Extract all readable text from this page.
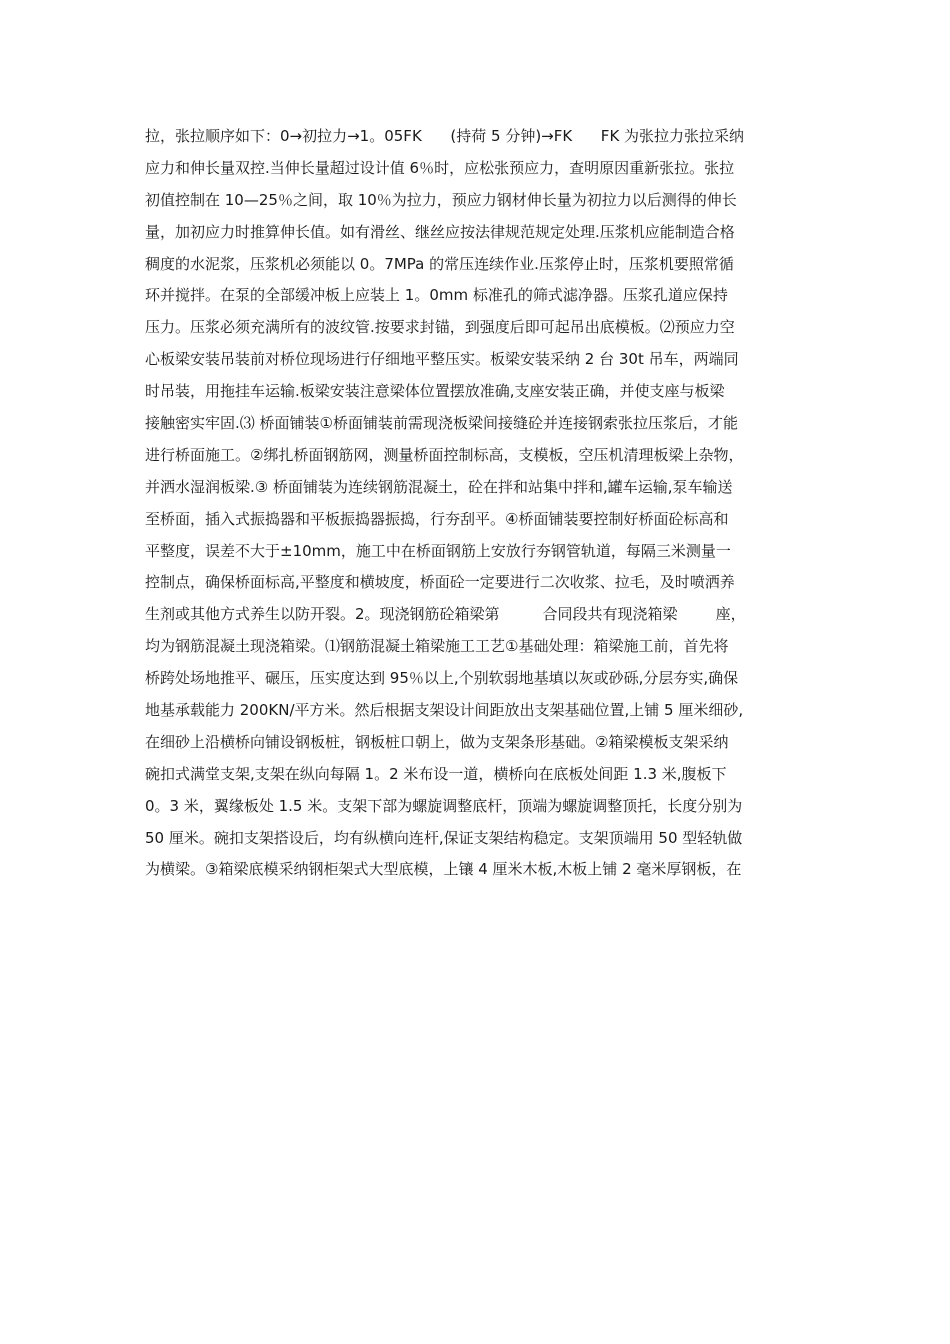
拉，张拉顺序如下：0→初拉力→1。05FK      (持荷 5 分钟)→FK      FK 为张拉力张拉采纳
应力和伸长量双控.当伸长量超过设计值 6％时，应松张预应力，查明原因重新张拉。张拉
初值控制在 10—25％之间，取 10％为拉力，预应力钢材伸长量为初拉力以后测得的伸长
量，加初应力时推算伸长值。如有滑丝、继丝应按法律规范规定处理.压浆机应能制造合格
稠度的水泥浆，压浆机必须能以 0。7MPa 的常压连续作业.压浆停止时，压浆机要照常循
环并搅拌。在泵的全部缓冲板上应装上 1。0mm 标准孔的筛式滤净器。压浆孔道应保持
压力。压浆必须充满所有的波纹管.按要求封锚，到强度后即可起吊出底模板。⑵预应力空
心板梁安装吊装前对桥位现场进行仔细地平整压实。板梁安装采纳 2 台 30t 吊车，两端同
时吊装，用拖挂车运输.板梁安装注意梁体位置摆放准确,支座安装正确，并使支座与板梁
接触密实牢固.⑶ 桥面铺装①桥面铺装前需现浇板梁间接缝砼并连接钢索张拉压浆后，才能
进行桥面施工。②绑扎桥面钢筋网，测量桥面控制标高，支模板，空压机清理板梁上杂物，
并洒水湿润板梁.③ 桥面铺装为连续钢筋混凝土，砼在拌和站集中拌和,罐车运输,泵车输送
至桥面，插入式振捣器和平板振捣器振捣，行夯刮平。④桥面铺装要控制好桥面砼标高和
平整度，误差不大于±10mm，施工中在桥面钢筋上安放行夯钢管轨道，每隔三米测量一
控制点，确保桥面标高,平整度和横坡度，桥面砼一定要进行二次收浆、拉毛，及时喷洒养
生剂或其他方式养生以防开裂。2。现浇钢筋砼箱梁第         合同段共有现浇箱梁        座，
均为钢筋混凝土现浇箱梁。⑴钢筋混凝土箱梁施工工艺①基础处理：箱梁施工前，首先将
桥跨处场地推平、碾压，压实度达到 95％以上,个别软弱地基填以灰或砂砾,分层夯实,确保
地基承载能力 200KN/平方米。然后根据支架设计间距放出支架基础位置,上铺 5 厘米细砂,
在细砂上沿横桥向铺设钢板桩，钢板桩口朝上，做为支架条形基础。②箱梁模板支架采纳
碗扣式满堂支架,支架在纵向每隔 1。2 米布设一道，横桥向在底板处间距 1.3 米,腹板下
0。3 米，翼缘板处 1.5 米。支架下部为螺旋调整底杆，顶端为螺旋调整顶托，长度分别为
50 厘米。碗扣支架搭设后，均有纵横向连杆,保证支架结构稳定。支架顶端用 50 型轻轨做
为横梁。③箱梁底模采纳钢柜架式大型底模，上镶 4 厘米木板,木板上铺 2 毫米厚钢板，在
